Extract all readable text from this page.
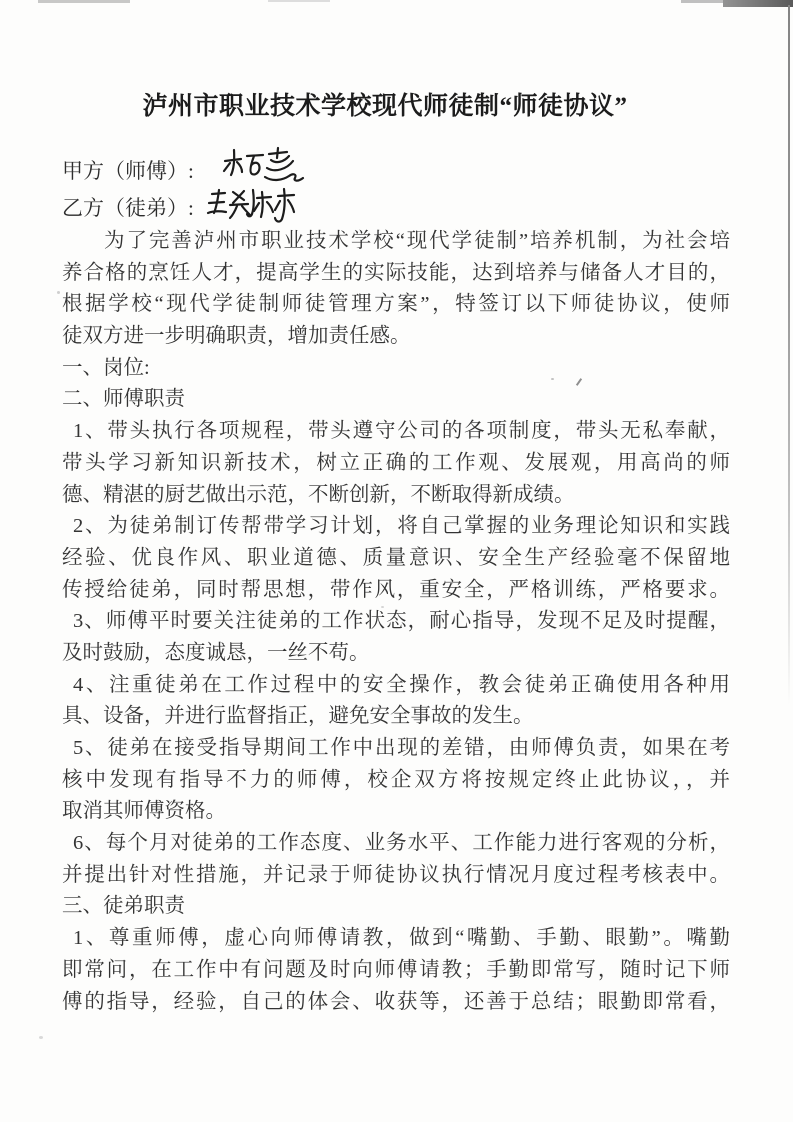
泸州市职业技术学校现代师徒制“师徒协议”
甲方（师傅）:
乙方（徒弟）:
为了完善泸州市职业技术学校“现代学徒制”培养机制，为社会培
养合格的烹饪人才，提高学生的实际技能，达到培养与储备人才目的，
根据学校“现代学徒制师徒管理方案”，特签订以下师徒协议，使师
徒双方进一步明确职责，增加责任感。
一、岗位:
二、师傅职责
1、带头执行各项规程，带头遵守公司的各项制度，带头无私奉献，
带头学习新知识新技术，树立正确的工作观、发展观，用高尚的师
德、精湛的厨艺做出示范，不断创新，不断取得新成绩。
2、为徒弟制订传帮带学习计划，将自己掌握的业务理论知识和实践
经验、优良作风、职业道德、质量意识、安全生产经验毫不保留地
传授给徒弟，同时帮思想，带作风，重安全，严格训练，严格要求。
3、师傅平时要关注徒弟的工作状态，耐心指导，发现不足及时提醒，
及时鼓励，态度诚恳，一丝不苟。
4、注重徒弟在工作过程中的安全操作，教会徒弟正确使用各种用
具、设备，并进行监督指正，避免安全事故的发生。
5、徒弟在接受指导期间工作中出现的差错，由师傅负责，如果在考
核中发现有指导不力的师傅，校企双方将按规定终止此协议，，并
取消其师傅资格。
6、每个月对徒弟的工作态度、业务水平、工作能力进行客观的分析，
并提出针对性措施，并记录于师徒协议执行情况月度过程考核表中。
三、徒弟职责
1、尊重师傅，虚心向师傅请教，做到“嘴勤、手勤、眼勤”。嘴勤
即常问，在工作中有问题及时向师傅请教；手勤即常写，随时记下师
傅的指导，经验，自己的体会、收获等，还善于总结；眼勤即常看，
